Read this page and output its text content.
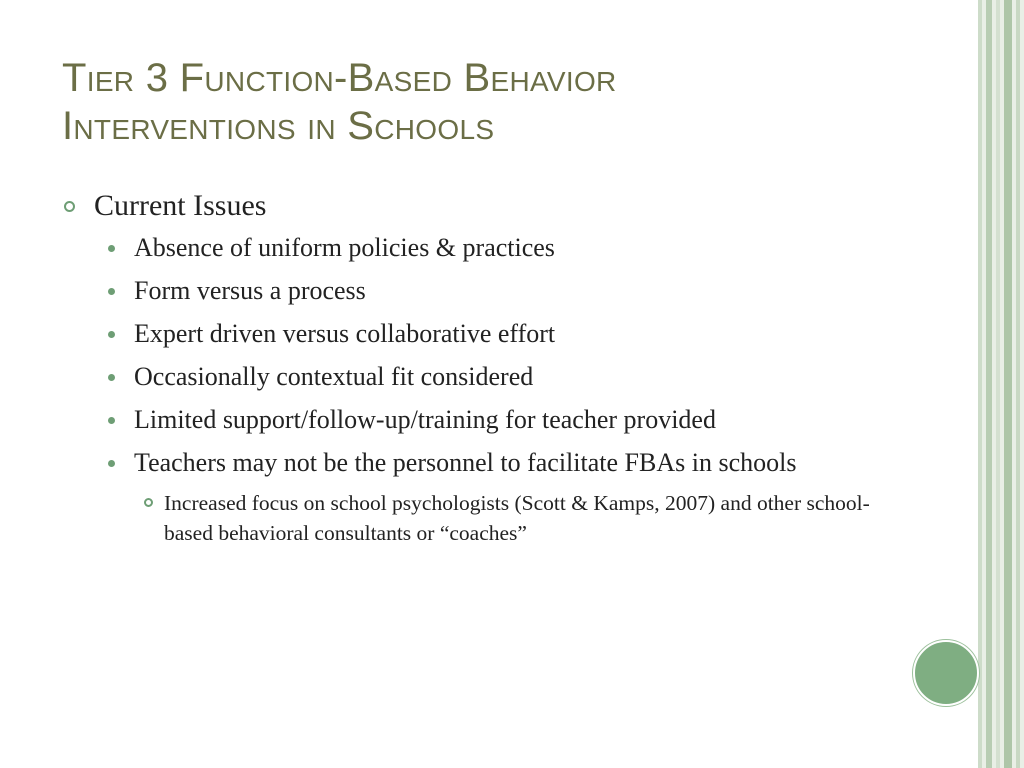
Tier 3 Function-Based Behavior
Interventions in Schools
Current Issues
Absence of uniform policies & practices
Form versus a process
Expert driven versus collaborative effort
Occasionally contextual fit considered
Limited support/follow-up/training for teacher provided
Teachers may not be the personnel to facilitate FBAs in schools
Increased focus on school psychologists (Scott & Kamps, 2007) and other school-based behavioral consultants or “coaches”
